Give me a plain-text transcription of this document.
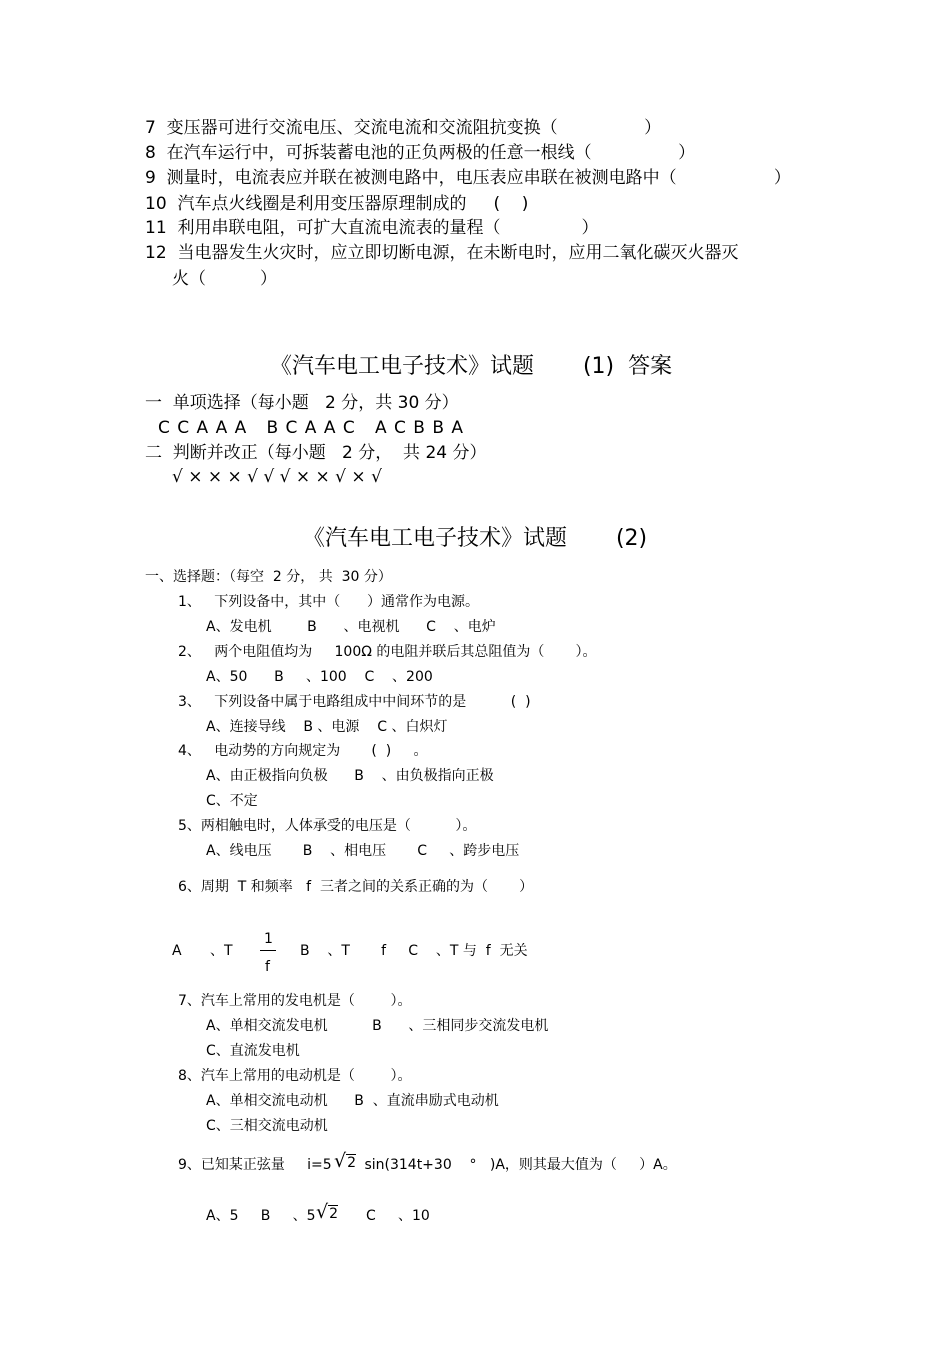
7  变压器可进行交流电压、交流电流和交流阻抗变换（                ）
8  在汽车运行中，可拆装蓄电池的正负两极的任意一根线（                ）
9  测量时，电流表应并联在被测电路中，电压表应串联在被测电路中（                  ）
10  汽车点火线圈是利用变压器原理制成的     (    )
11  利用串联电阻，可扩大直流电流表的量程（               ）
12  当电器发生火灾时，应立即切断电源，在未断电时，应用二氧化碳灭火器灭
火（          ）
《汽车电工电子技术》试题       (1)  答案
一  单项选择（每小题   2 分，共 30 分）
C C A A A   B C A A C   A C B B A
二  判断并改正（每小题   2 分，  共 24 分）
√ × × × √ √ √ × × √ × √
《汽车电工电子技术》试题       (2)
一、选择题：（每空  2 分， 共  30 分）
1、   下列设备中，其中（      ）通常作为电源。
A、发电机        B      、电视机      C    、电炉
2、   两个电阻值均为     100Ω 的电阻并联后其总阻值为（       ）。
A、50      B     、100    C    、200
3、   下列设备中属于电路组成中中间环节的是          (  )
A、连接导线    B 、电源    C 、白炽灯
4、   电动势的方向规定为       (  )     。
A、由正极指向负极      B    、由负极指向正极
C、不定
5、两相触电时，人体承受的电压是（          ）。
A、线电压       B    、相电压       C     、跨步电压
6、周期  T 和频率   f  三者之间的关系正确的为（       ）
A 、T
1
f
B    、T       f     C    、T 与  f  无关
7、汽车上常用的发电机是（        ）。
A、单相交流发电机          B      、三相同步交流发电机
C、直流发电机
8、汽车上常用的电动机是（        ）。
A、单相交流电动机      B  、直流串励式电动机
C、三相交流电动机
9、已知某正弦量     i=5 √2 sin(314t+30    °   )A，则其最大值为（     ）A。
A、5     B     、5 √2 C     、10
